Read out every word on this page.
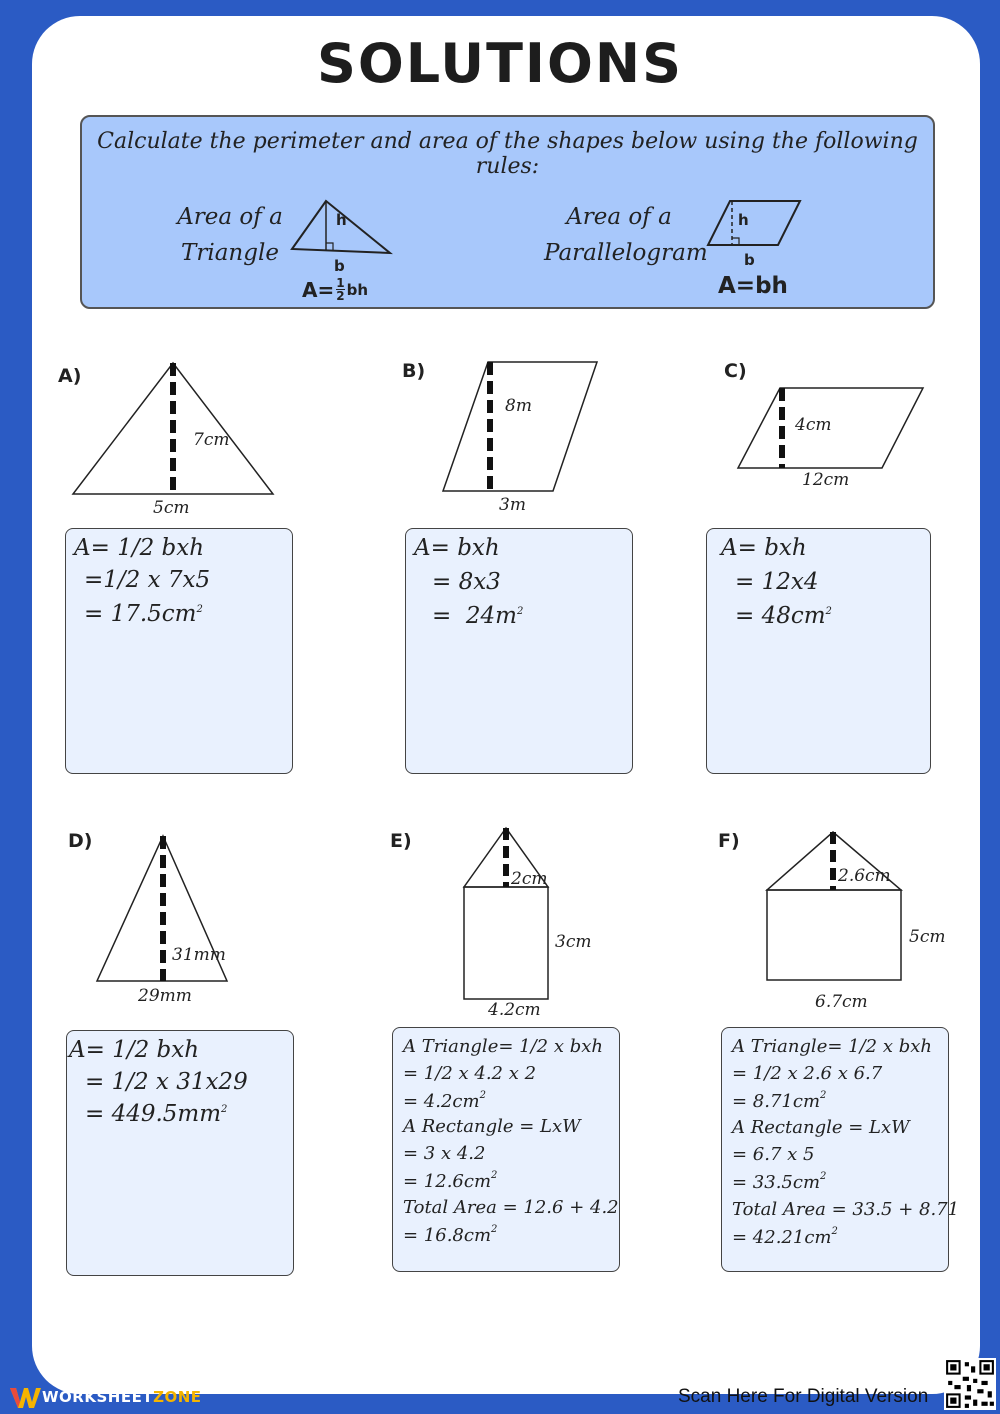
SOLUTIONS
Calculate the perimeter and area of the shapes below using the following rules:
Area of a
Triangle
h
b
$A= \frac{1}{2}$ bh
Area of a
Parallelogram
h
b
A=bh
A)
7cm
5cm
A= 1/2 bxh
=1/2 x 7x5
= $17.5cm^2$
B)
8m
3m
A= bxh
= 8x3
=  $24m^2$
C)
4cm
12cm
A= bxh
= 12x4
= $48cm^2$
D)
31mm
29mm
A= 1/2 bxh
= 1/2 x 31x29
= $449.5mm^2$
E)
2cm
3cm
4.2cm
A Triangle= 1/2 x bxh
= 1/2 x 4.2 x 2
= $4.2cm^2$
A Rectangle = LxW
= 3 x 4.2
= $12.6cm^2$
Total Area = 12.6 + 4.2
= $16.8cm^2$
F)
2.6cm
5cm
6.7cm
A Triangle= 1/2 x bxh
= 1/2 x 2.6 x 6.7
= $8.71cm^2$
A Rectangle = LxW
= 6.7 x 5
= $33.5cm^2$
Total Area = 33.5 + 8.71
= $42.21cm^2$
WORKSHEETZONE	Scan Here For Digital Version
